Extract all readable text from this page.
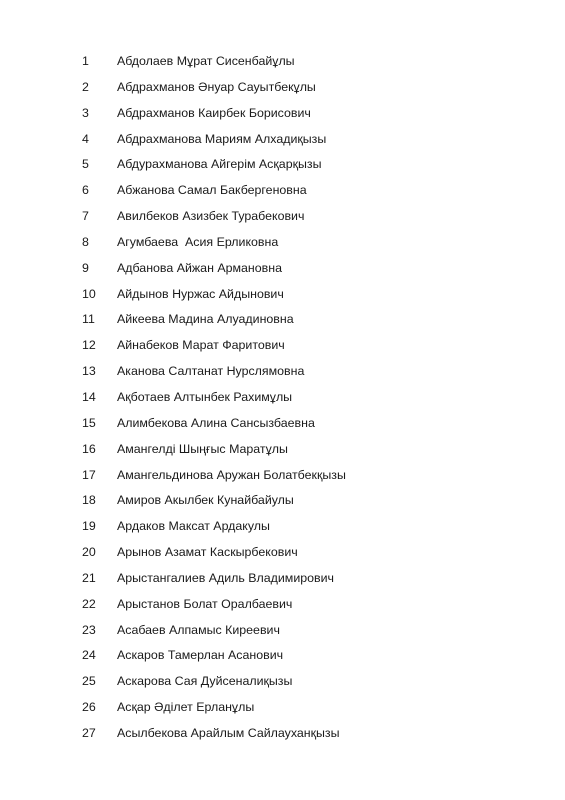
1 Абдолаев Мұрат Сисенбайұлы
2 Абдрахманов Әнуар Сауытбекұлы
3 Абдрахманов Каирбек Борисович
4 Абдрахманова Мариям Алхадиқызы
5 Абдурахманова Айгерім Асқарқызы
6 Абжанова Самал Бакбергеновна
7 Авилбеков Азизбек Турабекович
8 Агумбаева  Асия Ерликовна
9 Адбанова Айжан Армановна
10 Айдынов Нуржас Айдынович
11 Айкеева Мадина Алуадиновна
12 Айнабеков Марат Фаритович
13 Аканова Салтанат Нурслямовна
14 Ақботаев Алтынбек Рахимұлы
15 Алимбекова Алина Сансызбаевна
16 Амангелді Шыңғыс Маратұлы
17 Амангельдинова Аружан Болатбекқызы
18 Амиров Акылбек Кунайбайулы
19 Ардаков Максат Ардакулы
20 Арынов Азамат Каскырбекович
21 Арыстангалиев Адиль Владимирович
22 Арыстанов Болат Оралбаевич
23 Асабаев Алпамыс Киреевич
24 Аскаров Тамерлан Асанович
25 Аскарова Сая Дуйсеналиқызы
26 Асқар Әділет Ерланұлы
27 Асылбекова Арайлым Сайлауханқызы
